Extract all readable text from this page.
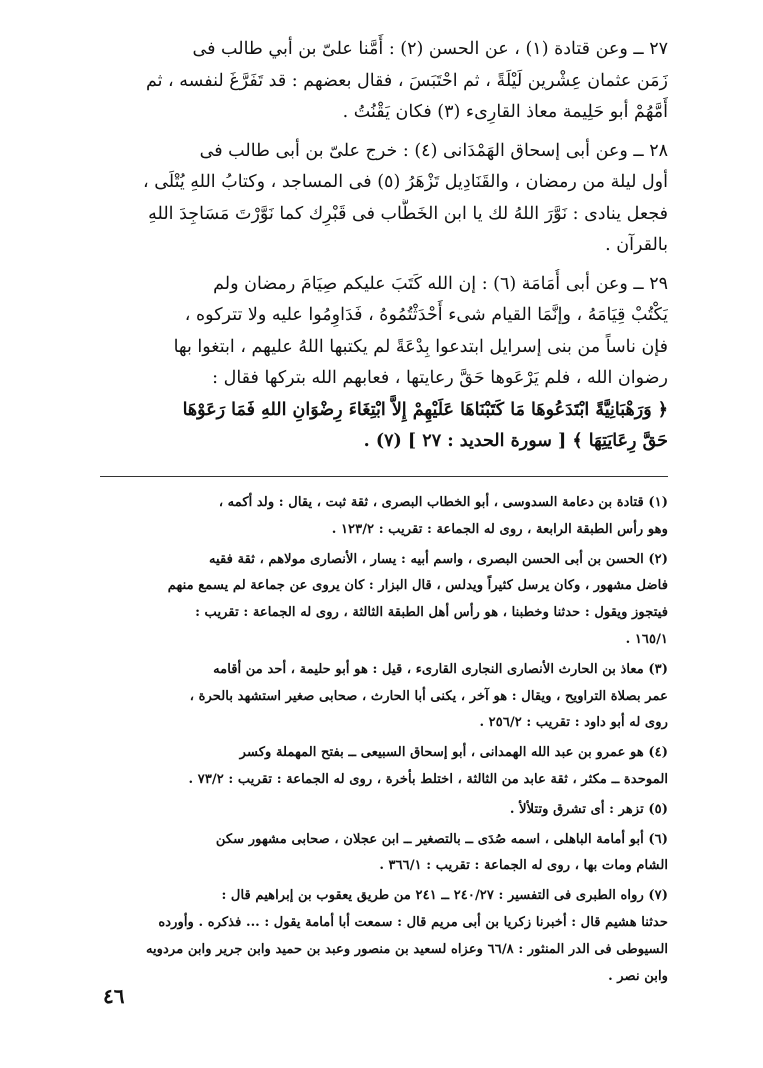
٢٧ ــ وعن قتادة (١) ، عن الحسن (٢) : أَمَّنا علىّ بن أبي طالب فى
زَمَن عثمان عِشْرين لَيْلَةً ، ثم احْتَبَسَ ، فقال بعضهم : قد تَفَرَّغَ لنفسه ، ثم
أَمَّهُمْ أبو حَلِيمة معاذ القارِىء (٣) فكان يَقْنُتُ .
٢٨ ــ وعن أبى إسحاق الهَمْدَانى (٤) : خرج علىّ بن أبى طالب فى
أول ليلة من رمضان ، والقَنَادِيل تَزْهَرُ (٥) فى المساجد ، وكتابُ اللهِ يُتْلَى ،
فجعل ينادى : نَوَّرَ اللهُ لك يا ابن الخَطَّاب فى قَبْرِك كما نَوَّرْتَ مَسَاجِدَ اللهِ
بالقرآن .
٢٩ ــ وعن أبى أُمَامَة (٦) : إن الله كَتَبَ عليكم صِيَامَ رمضان ولم
يَكْتُبْ قِيَامَهُ ، وإنَّمَا القيام شىء أَحْدَثْتُمُوهُ ، فَدَاوِمُوا عليه ولا تتركوه ،
فإن ناساً من بنى إسرايل ابتدعوا بِدْعَةً لم يكتبها اللهُ عليهم ، ابتغوا بها
رضوان الله ، فلم يَرْعَوها حَقَّ رعايتها ، فعابهم الله بتركها فقال :
﴿ وَرَهْبَانِيَّةً ابْتَدَعُوهَا مَا كَتَبْنَاهَا عَلَيْهِمْ إِلاَّ ابْتِغَاءَ رِضْوَانِ اللهِ فَمَا رَعَوْهَا
حَقَّ رِعَايَتِهَا ﴾ [ سورة الحديد : ٢٧ ] (٧) .
(١) قتادة بن دعامة السدوسى ، أبو الخطاب البصرى ، ثقة ثبت ، يقال : ولد أكمه ،
وهو رأس الطبقة الرابعة ، روى له الجماعة : تقريب : ١٢٣/٢ .
(٢) الحسن بن أبى الحسن البصرى ، واسم أبيه : يسار ، الأنصارى مولاهم ، ثقة فقيه
فاضل مشهور ، وكان يرسل كثيراً ويدلس ، قال البزار : كان يروى عن جماعة لم يسمع منهم
فيتجوز ويقول : حدثنا وخطبنا ، هو رأس أهل الطبقة الثالثة ، روى له الجماعة : تقريب :
١٦٥/١ .
(٣) معاذ بن الحارث الأنصارى النجارى القارىء ، قيل : هو أبو حليمة ، أحد من أقامه
عمر بصلاة التراويح ، ويقال : هو آخر ، يكنى أبا الحارث ، صحابى صغير استشهد بالحرة ،
روى له أبو داود : تقريب : ٢٥٦/٢ .
(٤) هو عمرو بن عبد الله الهمدانى ، أبو إسحاق السبيعى ــ بفتح المهملة وكسر
الموحدة ــ مكثر ، ثقة عابد من الثالثة ، اختلط بأخرة ، روى له الجماعة : تقريب : ٧٣/٢ .
(٥) تزهر : أى تشرق وتتلألأ .
(٦) أبو أمامة الباهلى ، اسمه صُدَى ــ بالتصغير ــ ابن عجلان ، صحابى مشهور سكن
الشام ومات بها ، روى له الجماعة : تقريب : ٣٦٦/١ .
(٧) رواه الطبرى فى التفسير : ٢٤٠/٢٧ ــ ٢٤١ من طريق يعقوب بن إبراهيم قال :
حدثنا هشيم قال : أخبرنا زكريا بن أبى مريم قال : سمعت أبا أمامة يقول : ... فذكره . وأورده
السيوطى فى الدر المنثور : ٦٦/٨ وعزاه لسعيد بن منصور وعبد بن حميد وابن جرير وابن مردويه
وابن نصر .
٤٦
